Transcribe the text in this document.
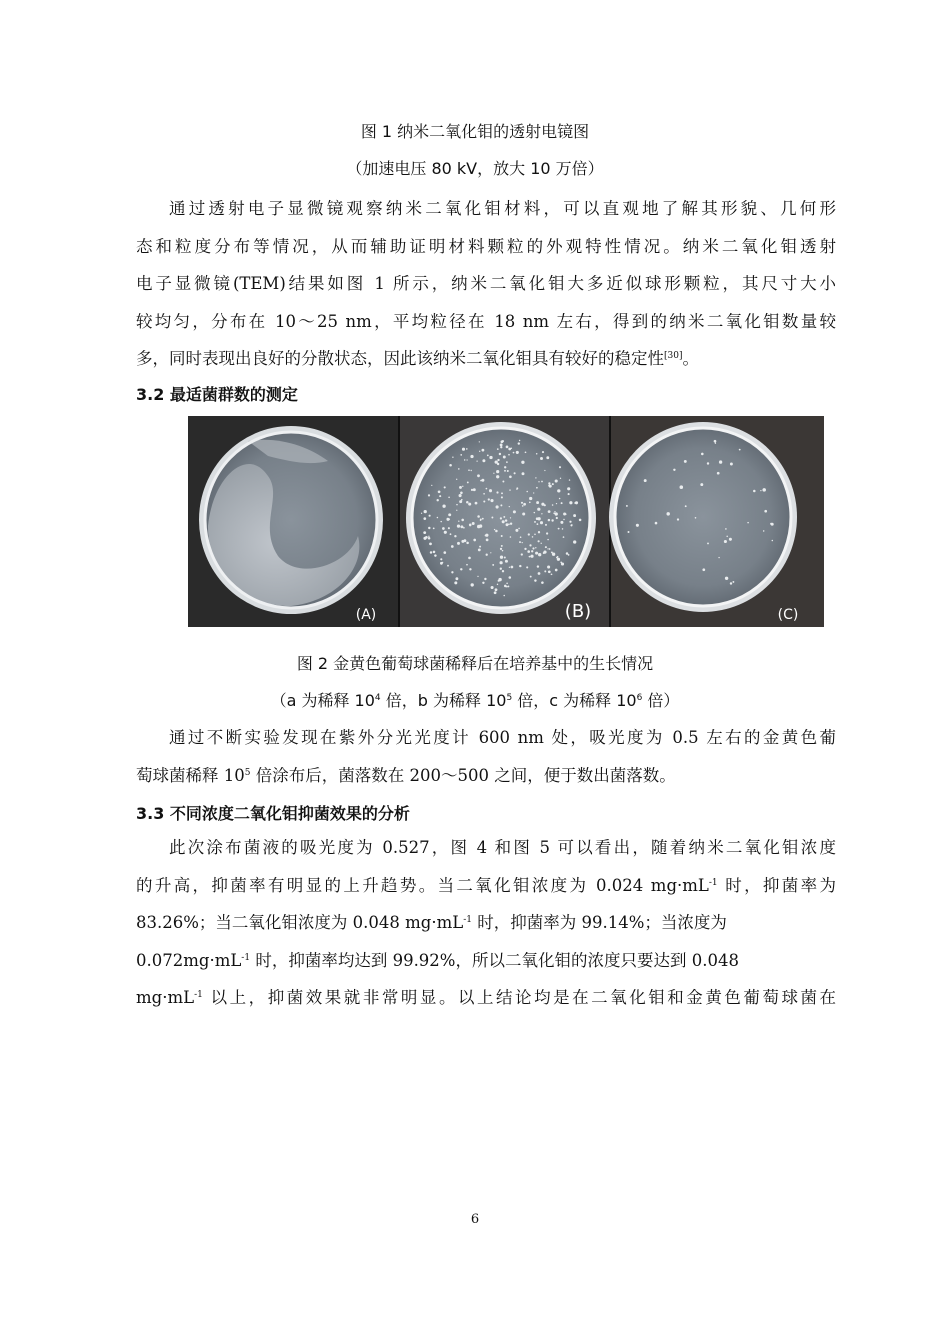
图 1 纳米二氧化钼的透射电镜图
（加速电压 80 kV，放大 10 万倍）
通过透射电子显微镜观察纳米二氧化钼材料，可以直观地了解其形貌、几何形
态和粒度分布等情况，从而辅助证明材料颗粒的外观特性情况。纳米二氧化钼透射
电子显微镜(TEM)结果如图 1 所示，纳米二氧化钼大多近似球形颗粒，其尺寸大小
较均匀，分布在 10～25 nm，平均粒径在 18 nm 左右，得到的纳米二氧化钼数量较
多，同时表现出良好的分散状态，因此该纳米二氧化钼具有较好的稳定性[30]。
3.2 最适菌群数的测定
(A)	(B)	(C)
图 2 金黄色葡萄球菌稀释后在培养基中的生长情况
（a 为稀释 $10^4$ 倍，b 为稀释 $10^5$ 倍，c 为稀释 $10^6$ 倍）
通过不断实验发现在紫外分光光度计 600 nm 处，吸光度为 0.5 左右的金黄色葡
萄球菌稀释 $10^5$ 倍涂布后，菌落数在 200～500 之间，便于数出菌落数。
3.3 不同浓度二氧化钼抑菌效果的分析
此次涂布菌液的吸光度为 0.527，图 4 和图 5 可以看出，随着纳米二氧化钼浓度
的升高，抑菌率有明显的上升趋势。当二氧化钼浓度为 0.024 $mg\cdot mL^{-1}$ 时，抑菌率为
83.26%；当二氧化钼浓度为 0.048 $mg\cdot mL^{-1}$ 时，抑菌率为 99.14%；当浓度为
$0.072mg\cdot mL^{-1}$ 时，抑菌率均达到 99.92%，所以二氧化钼的浓度只要达到 0.048
$mg\cdot mL^{-1}$ 以上，抑菌效果就非常明显。以上结论均是在二氧化钼和金黄色葡萄球菌在
6
